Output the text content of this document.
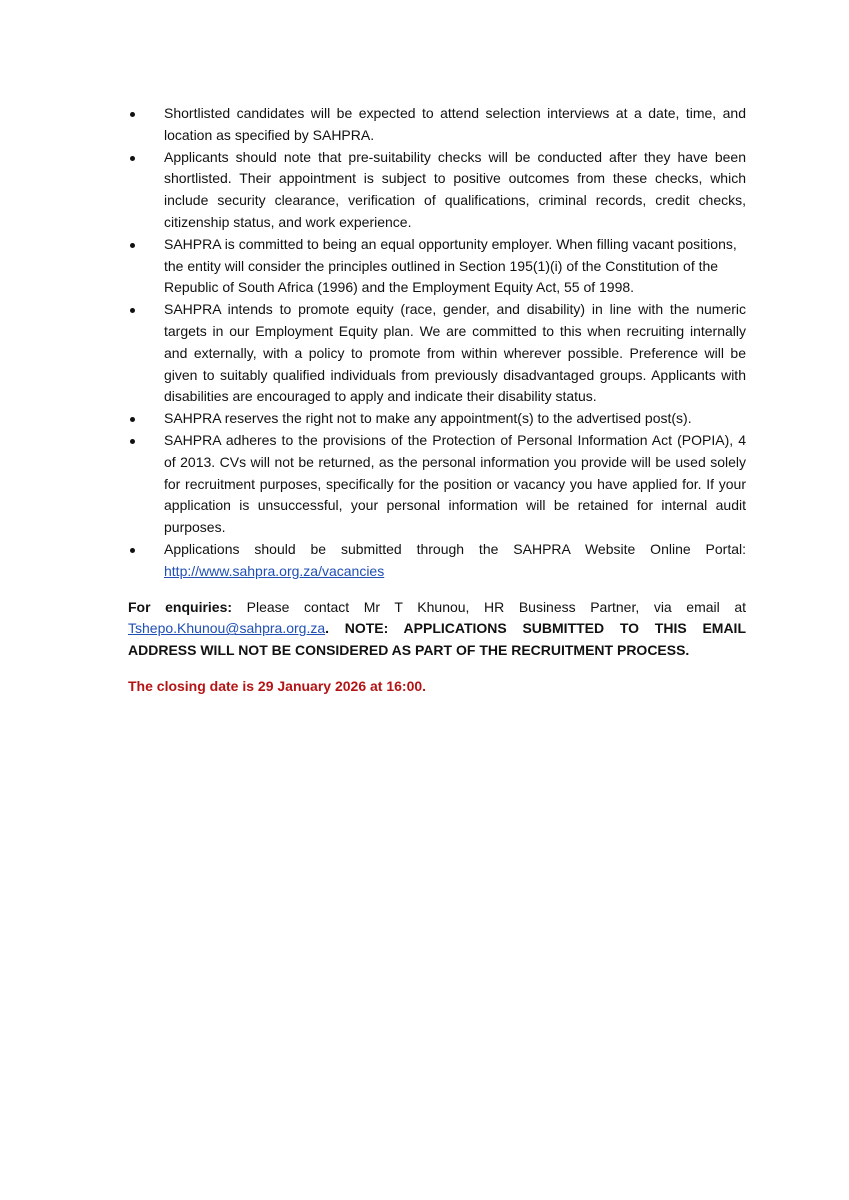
Shortlisted candidates will be expected to attend selection interviews at a date, time, and location as specified by SAHPRA.
Applicants should note that pre-suitability checks will be conducted after they have been shortlisted. Their appointment is subject to positive outcomes from these checks, which include security clearance, verification of qualifications, criminal records, credit checks, citizenship status, and work experience.
SAHPRA is committed to being an equal opportunity employer. When filling vacant positions, the entity will consider the principles outlined in Section 195(1)(i) of the Constitution of the Republic of South Africa (1996) and the Employment Equity Act, 55 of 1998.
SAHPRA intends to promote equity (race, gender, and disability) in line with the numeric targets in our Employment Equity plan. We are committed to this when recruiting internally and externally, with a policy to promote from within wherever possible. Preference will be given to suitably qualified individuals from previously disadvantaged groups. Applicants with disabilities are encouraged to apply and indicate their disability status.
SAHPRA reserves the right not to make any appointment(s) to the advertised post(s).
SAHPRA adheres to the provisions of the Protection of Personal Information Act (POPIA), 4 of 2013. CVs will not be returned, as the personal information you provide will be used solely for recruitment purposes, specifically for the position or vacancy you have applied for. If your application is unsuccessful, your personal information will be retained for internal audit purposes.
Applications should be submitted through the SAHPRA Website Online Portal: http://www.sahpra.org.za/vacancies

For enquiries: Please contact Mr T Khunou, HR Business Partner, via email at Tshepo.Khunou@sahpra.org.za. NOTE: APPLICATIONS SUBMITTED TO THIS EMAIL ADDRESS WILL NOT BE CONSIDERED AS PART OF THE RECRUITMENT PROCESS.

The closing date is 29 January 2026 at 16:00.
